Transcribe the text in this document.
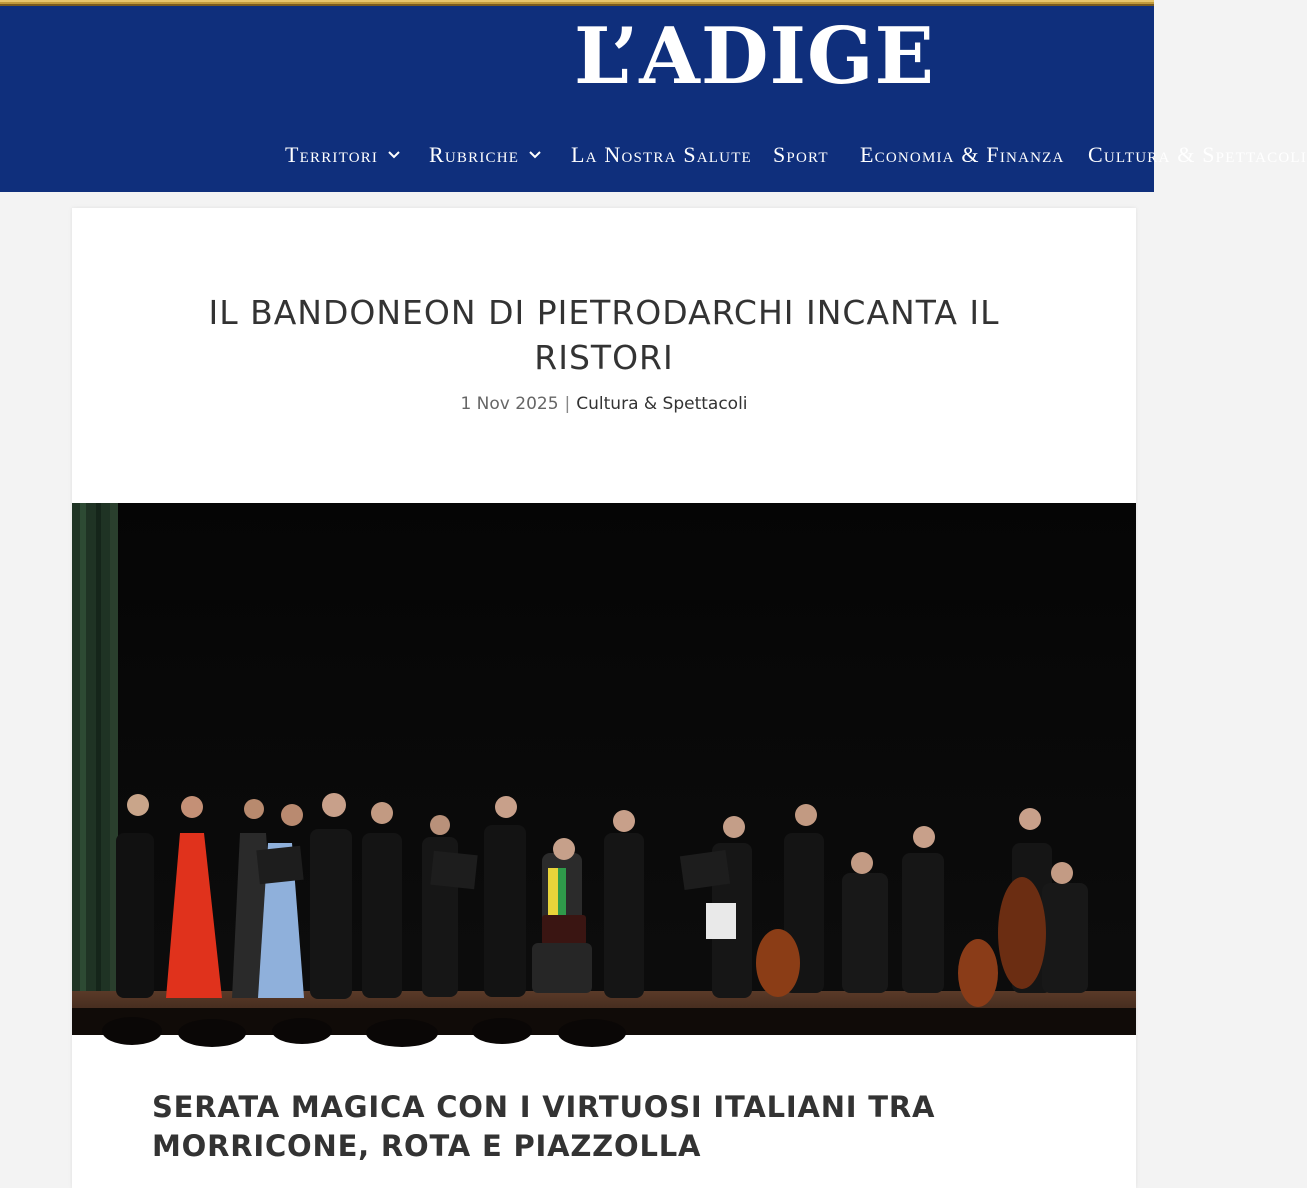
L’ADIGE
Territori Rubriche La Nostra Salute Sport Economia & Finanza Cultura & Spettacoli
IL BANDONEON DI PIETRODARCHI INCANTA IL RISTORI
1 Nov 2025 | Cultura & Spettacoli
SERATA MAGICA CON I VIRTUOSI ITALIANI TRA MORRICONE, ROTA E PIAZZOLLA
